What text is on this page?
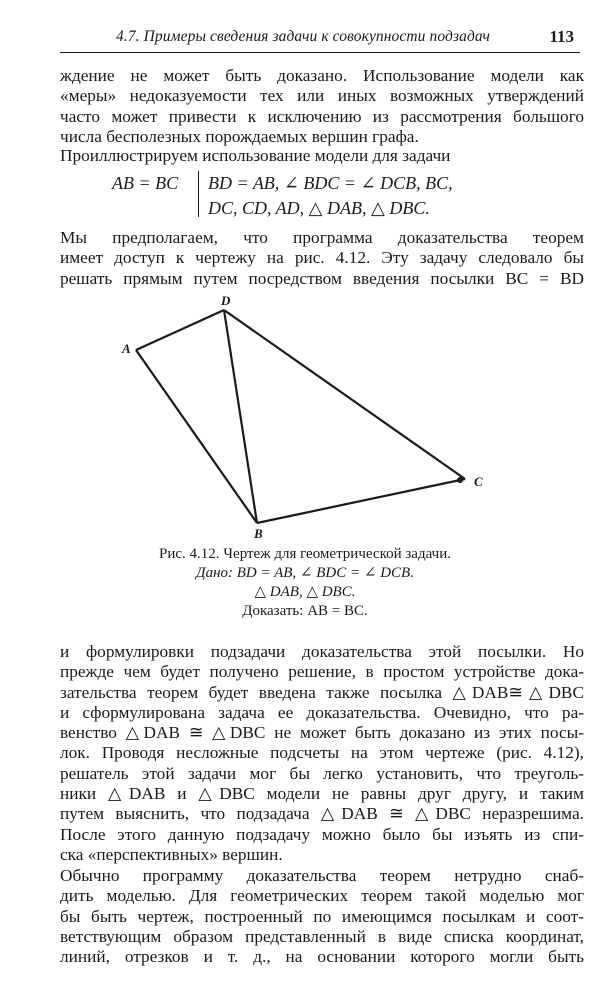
4.7. Примеры сведения задачи к совокупности подзадач	113
ждение не может быть доказано. Использование модели как
«меры» недоказуемости тех или иных возможных утверждений
часто может привести к исключению из рассмотрения большого
числа бесполезных порождаемых вершин графа.
Проиллюстрируем использование модели для задачи
AB = BC BD = AB, ∠ BDC = ∠ DCB, BC,
DC, CD, AD, △ DAB, △ DBC.
Мы предполагаем, что программа доказательства теорем
имеет доступ к чертежу на рис. 4.12. Эту задачу следовало бы
решать прямым путем посредством введения посылки BC = BD
A
D
C
B
Рис. 4.12. Чертеж для геометрической задачи.
Дано: BD = AB, ∠ BDC = ∠ DCB.
△ DAB, △ DBC.
Доказать: AB = BC.
и формулировки подзадачи доказательства этой посылки. Но
прежде чем будет получено решение, в простом устройстве дока-
зательства теорем будет введена также посылка △DAB≅△DBC
и сформулирована задача ее доказательства. Очевидно, что ра-
венство △DAB ≅ △DBC не может быть доказано из этих посы-
лок. Проводя несложные подсчеты на этом чертеже (рис. 4.12),
решатель этой задачи мог бы легко установить, что треуголь-
ники △DAB и △DBC модели не равны друг другу, и таким
путем выяснить, что подзадача △DAB ≅ △DBC неразрешима.
После этого данную подзадачу можно было бы изъять из спи-
ска «перспективных» вершин.
Обычно программу доказательства теорем нетрудно снаб-
дить моделью. Для геометрических теорем такой моделью мог
бы быть чертеж, построенный по имеющимся посылкам и соот-
ветствующим образом представленный в виде списка координат,
линий, отрезков и т. д., на основании которого могли быть
